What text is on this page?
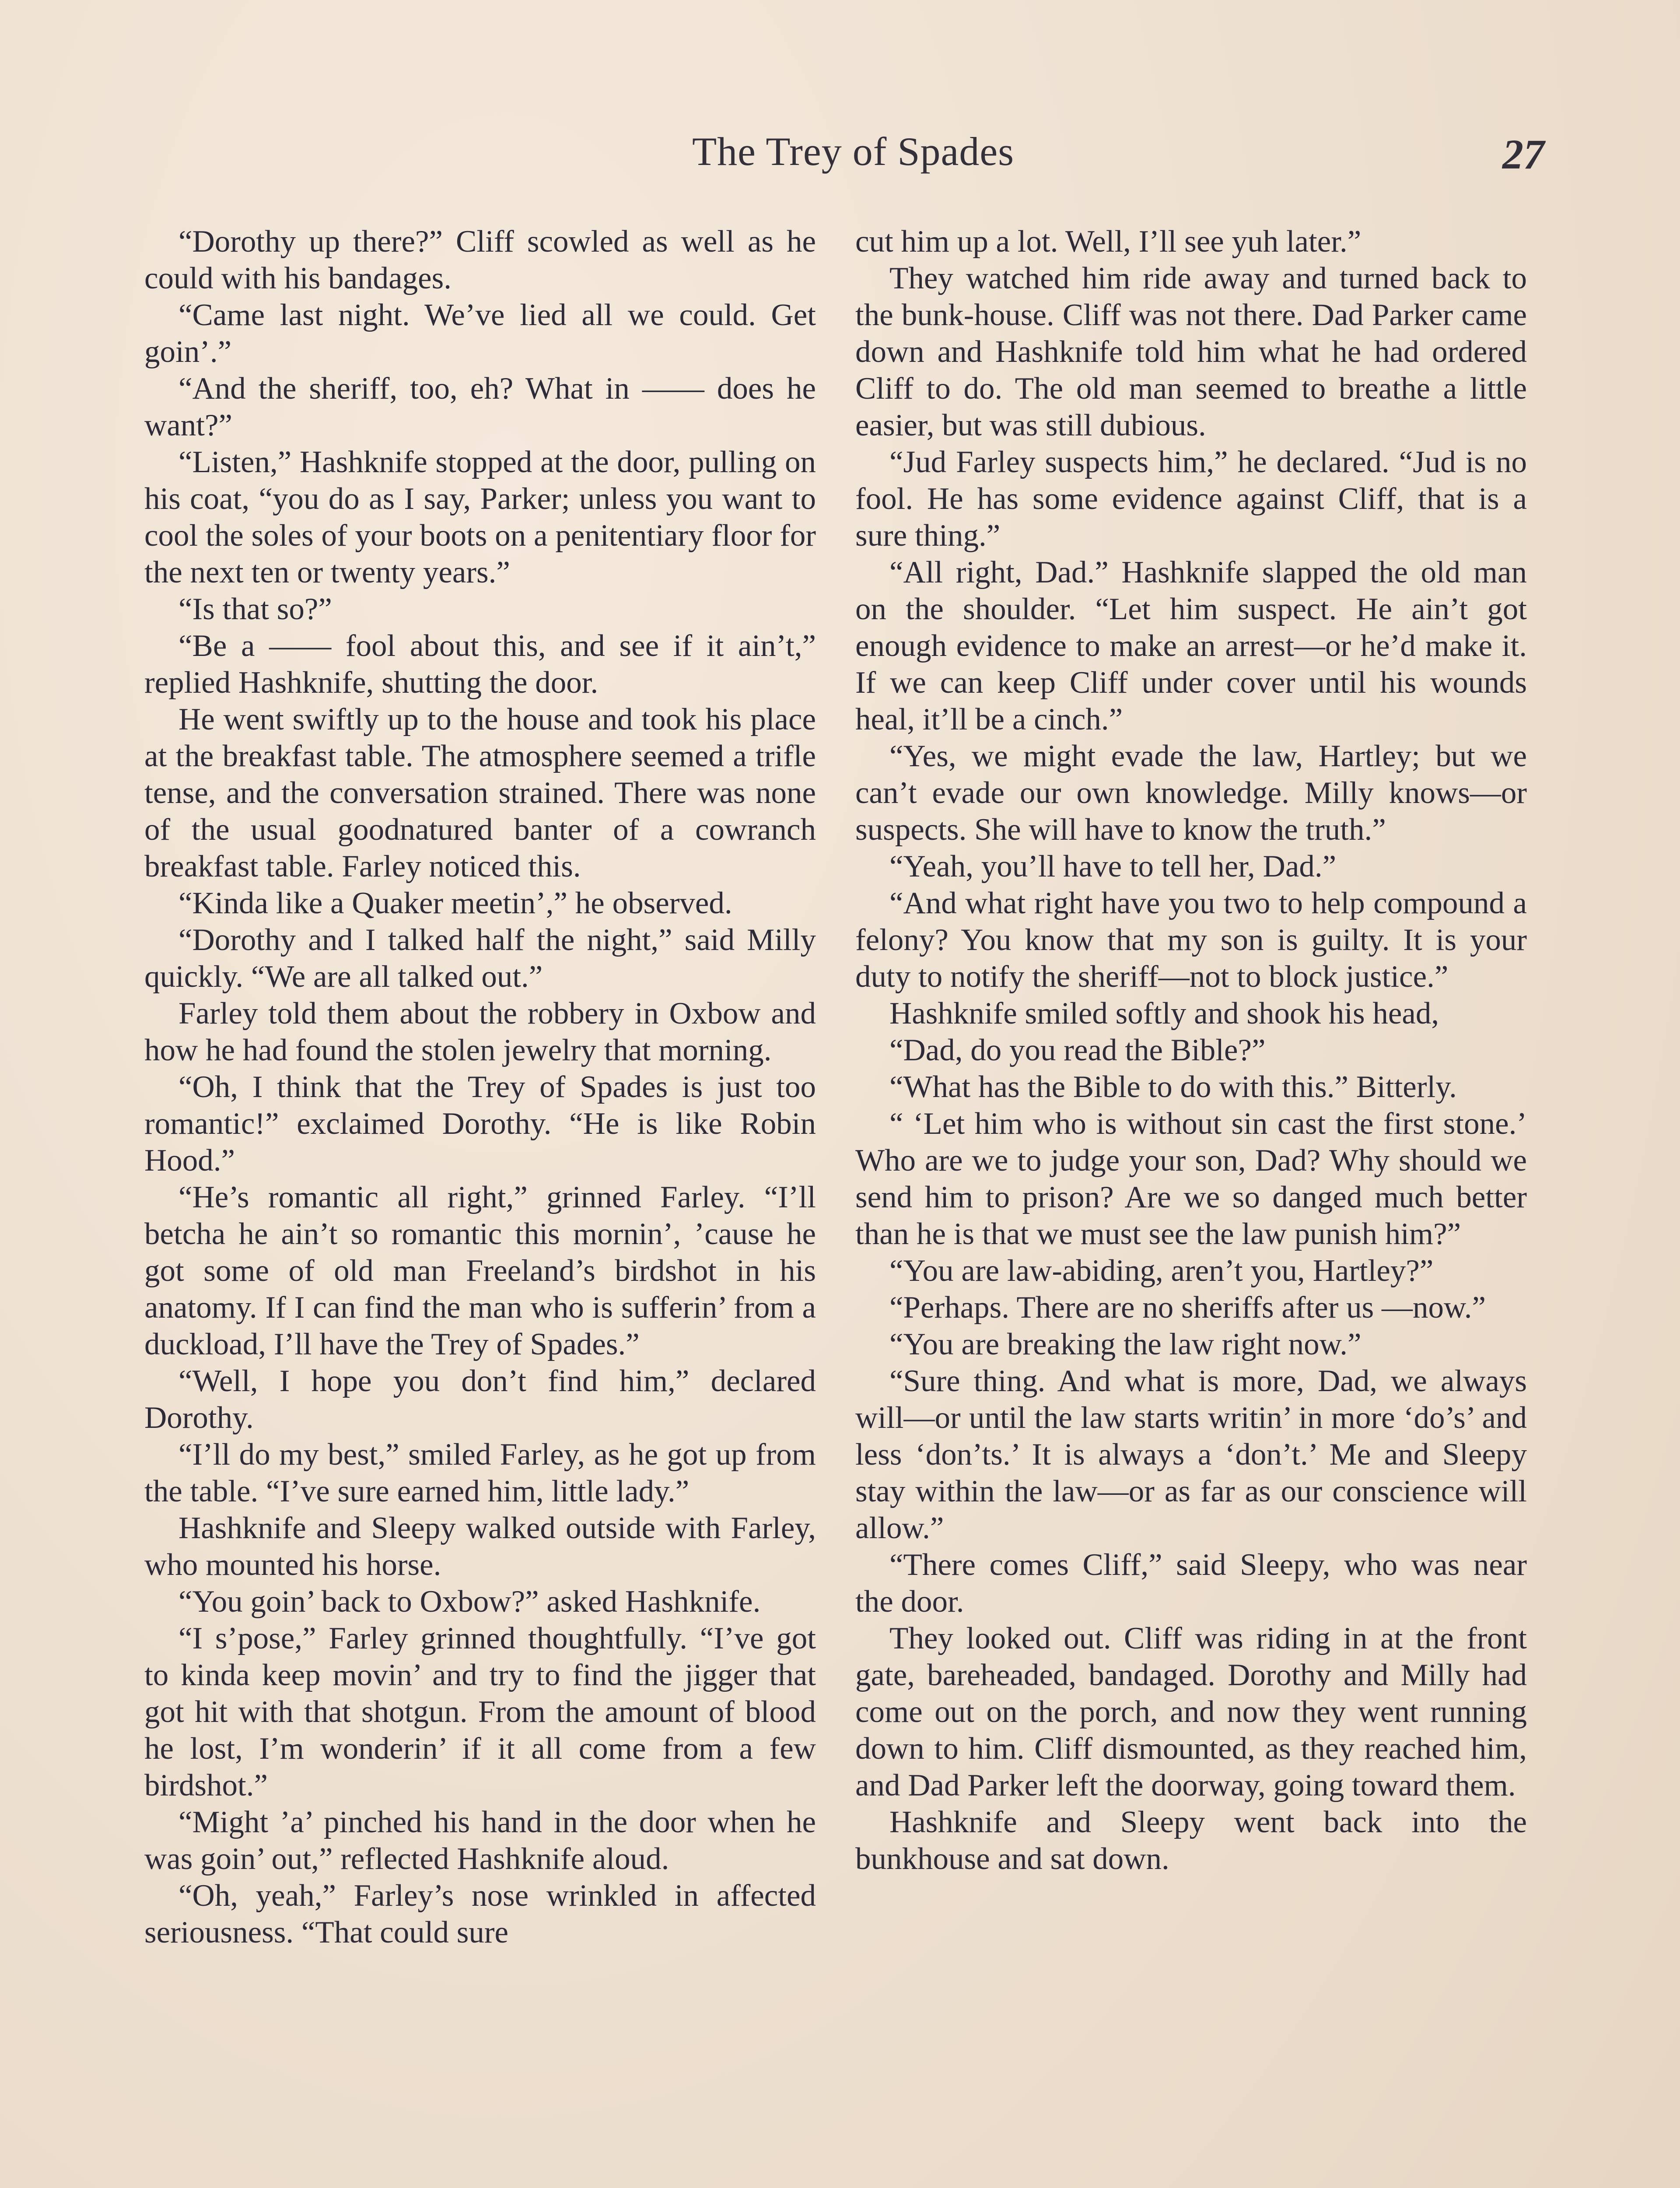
The Trey of Spades	27

“Dorothy up there?” Cliff scowled as well as he could with his bandages.

“Came last night. We’ve lied all we could. Get goin’.”

“And the sheriff, too, eh? What in —— does he want?”

“Listen,” Hashknife stopped at the door, pulling on his coat, “you do as I say, Parker; unless you want to cool the soles of your boots on a penitentiary floor for the next ten or twenty years.”

“Is that so?”

“Be a —— fool about this, and see if it ain’t,” replied Hashknife, shutting the door.

He went swiftly up to the house and took his place at the breakfast table. The atmosphere seemed a trifle tense, and the conversation strained. There was none of the usual goodnatured banter of a cowranch breakfast table. Farley noticed this.

“Kinda like a Quaker meetin’,” he observed.

“Dorothy and I talked half the night,” said Milly quickly. “We are all talked out.”

Farley told them about the robbery in Oxbow and how he had found the stolen jewelry that morning.

“Oh, I think that the Trey of Spades is just too romantic!” exclaimed Dorothy. “He is like Robin Hood.”

“He’s romantic all right,” grinned Farley. “I’ll betcha he ain’t so romantic this mornin’, ’cause he got some of old man Freeland’s birdshot in his anatomy. If I can find the man who is sufferin’ from a duckload, I’ll have the Trey of Spades.”

“Well, I hope you don’t find him,” declared Dorothy.

“I’ll do my best,” smiled Farley, as he got up from the table. “I’ve sure earned him, little lady.”

Hashknife and Sleepy walked outside with Farley, who mounted his horse.

“You goin’ back to Oxbow?” asked Hashknife.

“I s’pose,” Farley grinned thoughtfully. “I’ve got to kinda keep movin’ and try to find the jigger that got hit with that shotgun. From the amount of blood he lost, I’m wonderin’ if it all come from a few birdshot.”

“Might ’a’ pinched his hand in the door when he was goin’ out,” reflected Hashknife aloud.

“Oh, yeah,” Farley’s nose wrinkled in affected seriousness. “That could sure

cut him up a lot. Well, I’ll see yuh later.”

They watched him ride away and turned back to the bunk-house. Cliff was not there. Dad Parker came down and Hashknife told him what he had ordered Cliff to do. The old man seemed to breathe a little easier, but was still dubious.

“Jud Farley suspects him,” he declared. “Jud is no fool. He has some evidence against Cliff, that is a sure thing.”

“All right, Dad.” Hashknife slapped the old man on the shoulder. “Let him suspect. He ain’t got enough evidence to make an arrest—or he’d make it. If we can keep Cliff under cover until his wounds heal, it’ll be a cinch.”

“Yes, we might evade the law, Hartley; but we can’t evade our own knowledge. Milly knows—or suspects. She will have to know the truth.”

“Yeah, you’ll have to tell her, Dad.”

“And what right have you two to help compound a felony? You know that my son is guilty. It is your duty to notify the sheriff—not to block justice.”

Hashknife smiled softly and shook his head,

“Dad, do you read the Bible?”

“What has the Bible to do with this.” Bitterly.

“ ‘Let him who is without sin cast the first stone.’ Who are we to judge your son, Dad? Why should we send him to prison? Are we so danged much better than he is that we must see the law punish him?”

“You are law-abiding, aren’t you, Hartley?”

“Perhaps. There are no sheriffs after us —now.”

“You are breaking the law right now.”

“Sure thing. And what is more, Dad, we always will—or until the law starts writin’ in more ‘do’s’ and less ‘don’ts.’ It is always a ‘don’t.’ Me and Sleepy stay within the law—or as far as our conscience will allow.”

“There comes Cliff,” said Sleepy, who was near the door.

They looked out. Cliff was riding in at the front gate, bareheaded, bandaged. Dorothy and Milly had come out on the porch, and now they went running down to him. Cliff dismounted, as they reached him, and Dad Parker left the doorway, going toward them.

Hashknife and Sleepy went back into the bunkhouse and sat down.
